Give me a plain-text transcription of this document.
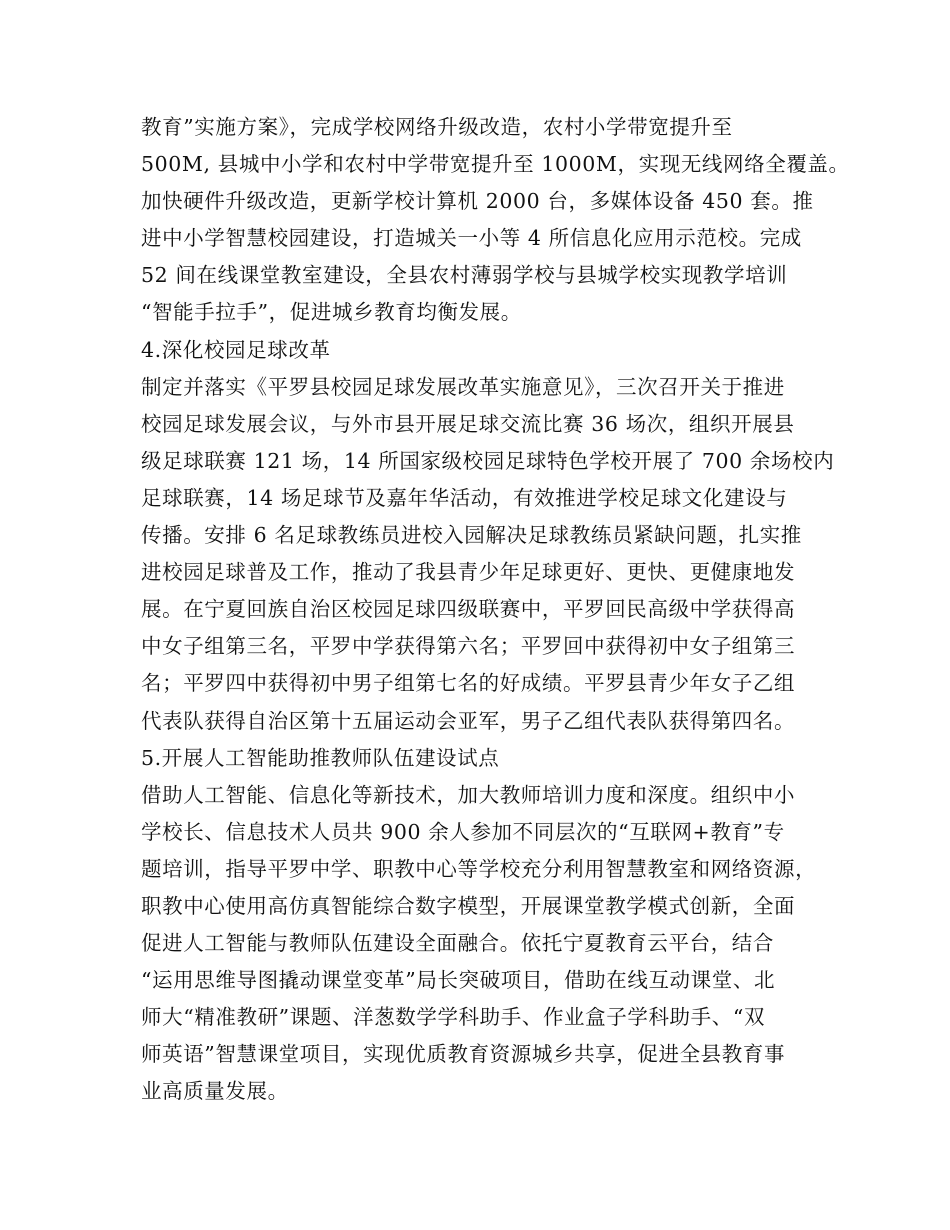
教育”实施方案》，完成学校网络升级改造，农村小学带宽提升至
500M, 县城中小学和农村中学带宽提升至 1000M，实现无线网络全覆盖。
加快硬件升级改造，更新学校计算机 2000 台，多媒体设备 450 套。推
进中小学智慧校园建设，打造城关一小等 4 所信息化应用示范校。完成
52 间在线课堂教室建设，全县农村薄弱学校与县城学校实现教学培训
“智能手拉手”，促进城乡教育均衡发展。
4.深化校园足球改革
制定并落实《平罗县校园足球发展改革实施意见》，三次召开关于推进
校园足球发展会议，与外市县开展足球交流比赛 36 场次，组织开展县
级足球联赛 121 场，14 所国家级校园足球特色学校开展了 700 余场校内
足球联赛，14 场足球节及嘉年华活动，有效推进学校足球文化建设与
传播。安排 6 名足球教练员进校入园解决足球教练员紧缺问题，扎实推
进校园足球普及工作，推动了我县青少年足球更好、更快、更健康地发
展。在宁夏回族自治区校园足球四级联赛中，平罗回民高级中学获得高
中女子组第三名，平罗中学获得第六名；平罗回中获得初中女子组第三
名；平罗四中获得初中男子组第七名的好成绩。平罗县青少年女子乙组
代表队获得自治区第十五届运动会亚军，男子乙组代表队获得第四名。
5.开展人工智能助推教师队伍建设试点
借助人工智能、信息化等新技术，加大教师培训力度和深度。组织中小
学校长、信息技术人员共 900 余人参加不同层次的“互联网+教育”专
题培训，指导平罗中学、职教中心等学校充分利用智慧教室和网络资源，
职教中心使用高仿真智能综合数字模型，开展课堂教学模式创新，全面
促进人工智能与教师队伍建设全面融合。依托宁夏教育云平台，结合
“运用思维导图撬动课堂变革”局长突破项目，借助在线互动课堂、北
师大“精准教研”课题、洋葱数学学科助手、作业盒子学科助手、“双
师英语”智慧课堂项目，实现优质教育资源城乡共享，促进全县教育事
业高质量发展。
